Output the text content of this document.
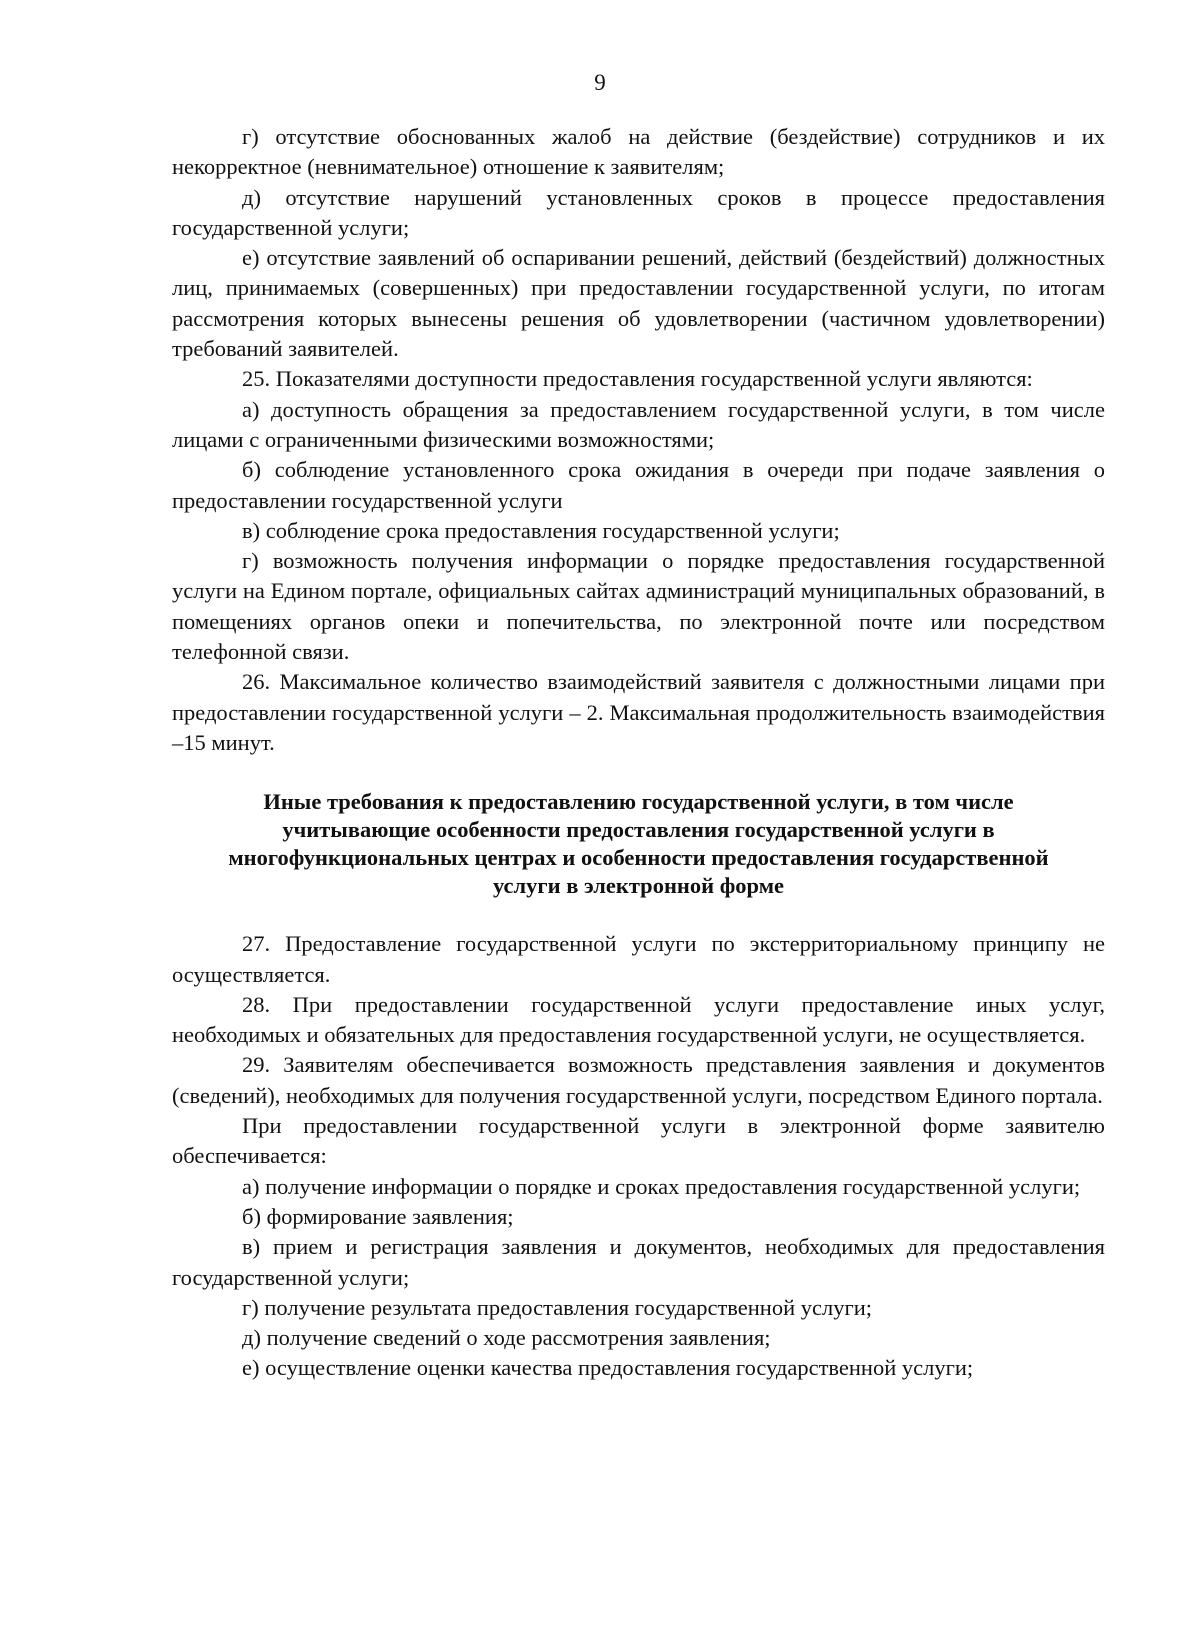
9

г) отсутствие обоснованных жалоб на действие (бездействие) сотрудников и их некорректное (невнимательное) отношение к заявителям;

д) отсутствие нарушений установленных сроков в процессе предоставления государственной услуги;

е) отсутствие заявлений об оспаривании решений, действий (бездействий) должностных лиц, принимаемых (совершенных) при предоставлении государственной услуги, по итогам рассмотрения которых вынесены решения об удовлетворении (частичном удовлетворении) требований заявителей.

25. Показателями доступности предоставления государственной услуги являются:

а) доступность обращения за предоставлением государственной услуги, в том числе лицами с ограниченными физическими возможностями;

б) соблюдение установленного срока ожидания в очереди при подаче заявления о предоставлении государственной услуги

в) соблюдение срока предоставления государственной услуги;

г) возможность получения информации о порядке предоставления государственной услуги на Едином портале, официальных сайтах администраций муниципальных образований, в помещениях органов опеки и попечительства, по электронной почте или посредством телефонной связи.

26. Максимальное количество взаимодействий заявителя с должностными лицами при предоставлении государственной услуги – 2. Максимальная продолжительность взаимодействия –15 минут.

Иные требования к предоставлению государственной услуги, в том числе
учитывающие особенности предоставления государственной услуги в
многофункциональных центрах и особенности предоставления государственной
услуги в электронной форме

27. Предоставление государственной услуги по экстерриториальному принципу не осуществляется.

28. При предоставлении государственной услуги предоставление иных услуг, необходимых и обязательных для предоставления государственной услуги, не осуществляется.

29. Заявителям обеспечивается возможность представления заявления и документов (сведений), необходимых для получения государственной услуги, посредством Единого портала.

При предоставлении государственной услуги в электронной форме заявителю обеспечивается:

а) получение информации о порядке и сроках предоставления государственной услуги;

б) формирование заявления;

в) прием и регистрация заявления и документов, необходимых для предоставления государственной услуги;

г) получение результата предоставления государственной услуги;

д) получение сведений о ходе рассмотрения заявления;

е) осуществление оценки качества предоставления государственной услуги;
